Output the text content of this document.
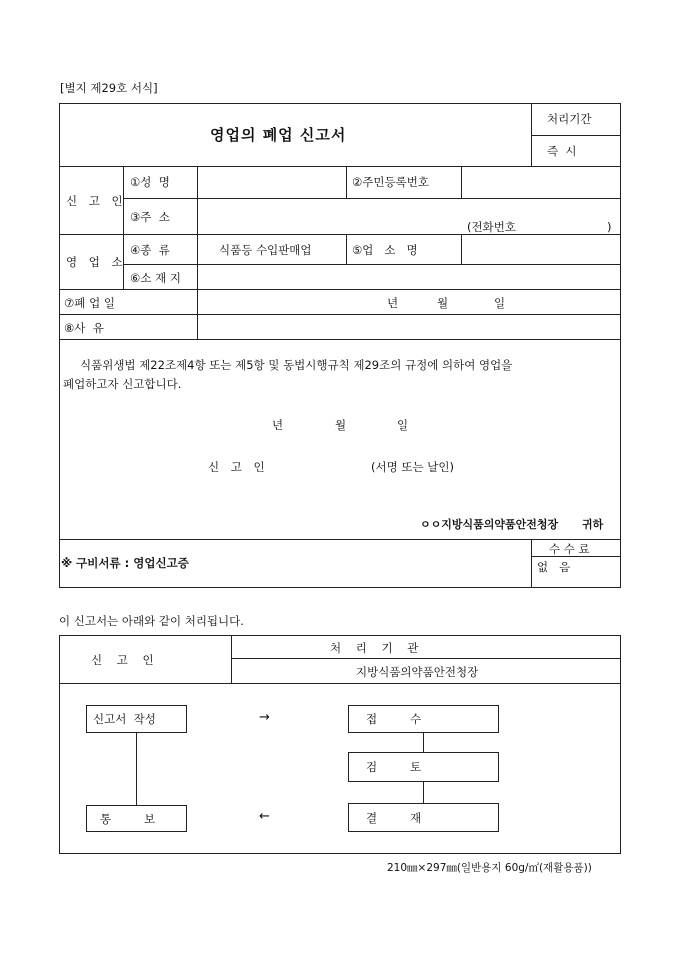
[별지 제29호 서식]
영업의 폐업 신고서
처리기간
즉  시
신 고 인
①성  명	②주민등록번호
③주  소
(전화번호	)
영 업 소
④종  류	식품등 수입판매업	⑤업   소   명
⑥소 재 지
⑦폐 업 일	년	월	일
⑧사  유
식품위생법 제22조제4항 또는 제5항 및 동법시행규칙 제29조의 규정에 의하여 영업을
폐업하고자 신고합니다.
년	월	일
신 고 인	(서명 또는 날인)
ㅇㅇ지방식품의약품안전청장 귀하
※ 구비서류 : 영업신고증
수 수 료
없   음
이 신고서는 아래와 같이 처리됩니다.
신    고    인
처    리    기    관
지방식품의약품안전청장
신고서  작성	접         수
검         토
결         재
통         보
→
←
210㎜×297㎜(일반용지 60g/㎡(재활용품))
